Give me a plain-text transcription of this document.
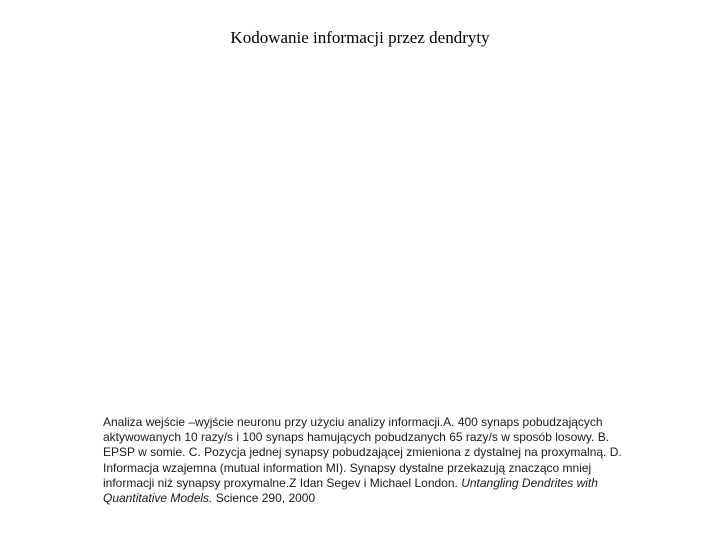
Kodowanie informacji przez dendryty
Analiza wejście –wyjście neuronu przy użyciu analizy informacji.A. 400 synaps pobudzających aktywowanych 10 razy/s i 100 synaps hamujących pobudzanych 65 razy/s w sposób losowy. B. EPSP w somie. C. Pozycja jednej synapsy pobudzającej zmieniona z dystalnej na proxymalną. D. Informacja wzajemna (mutual information MI). Synapsy dystalne przekazują znacząco mniej informacji niż synapsy proxymalne.Z Idan Segev i Michael London. Untangling Dendrites with Quantitative Models. Science 290, 2000
